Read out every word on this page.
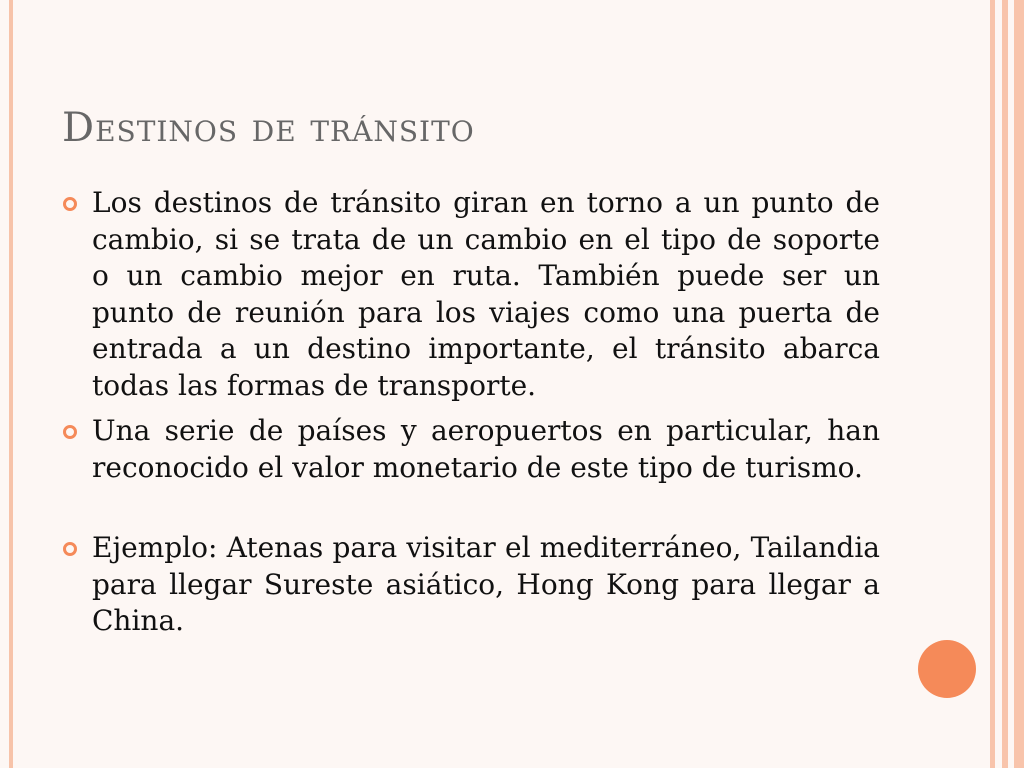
Destinos de tránsito
Los destinos de tránsito giran en torno a un punto de cambio, si se trata de un cambio en el tipo de soporte o un cambio mejor en ruta. También puede ser un punto de reunión para los viajes como una puerta de entrada a un destino importante, el tránsito abarca todas las formas de transporte.
Una serie de países y aeropuertos en particular, han reconocido el valor monetario de este tipo de turismo.
Ejemplo: Atenas para visitar el mediterráneo, Tailandia para llegar Sureste asiático, Hong Kong para llegar a China.
